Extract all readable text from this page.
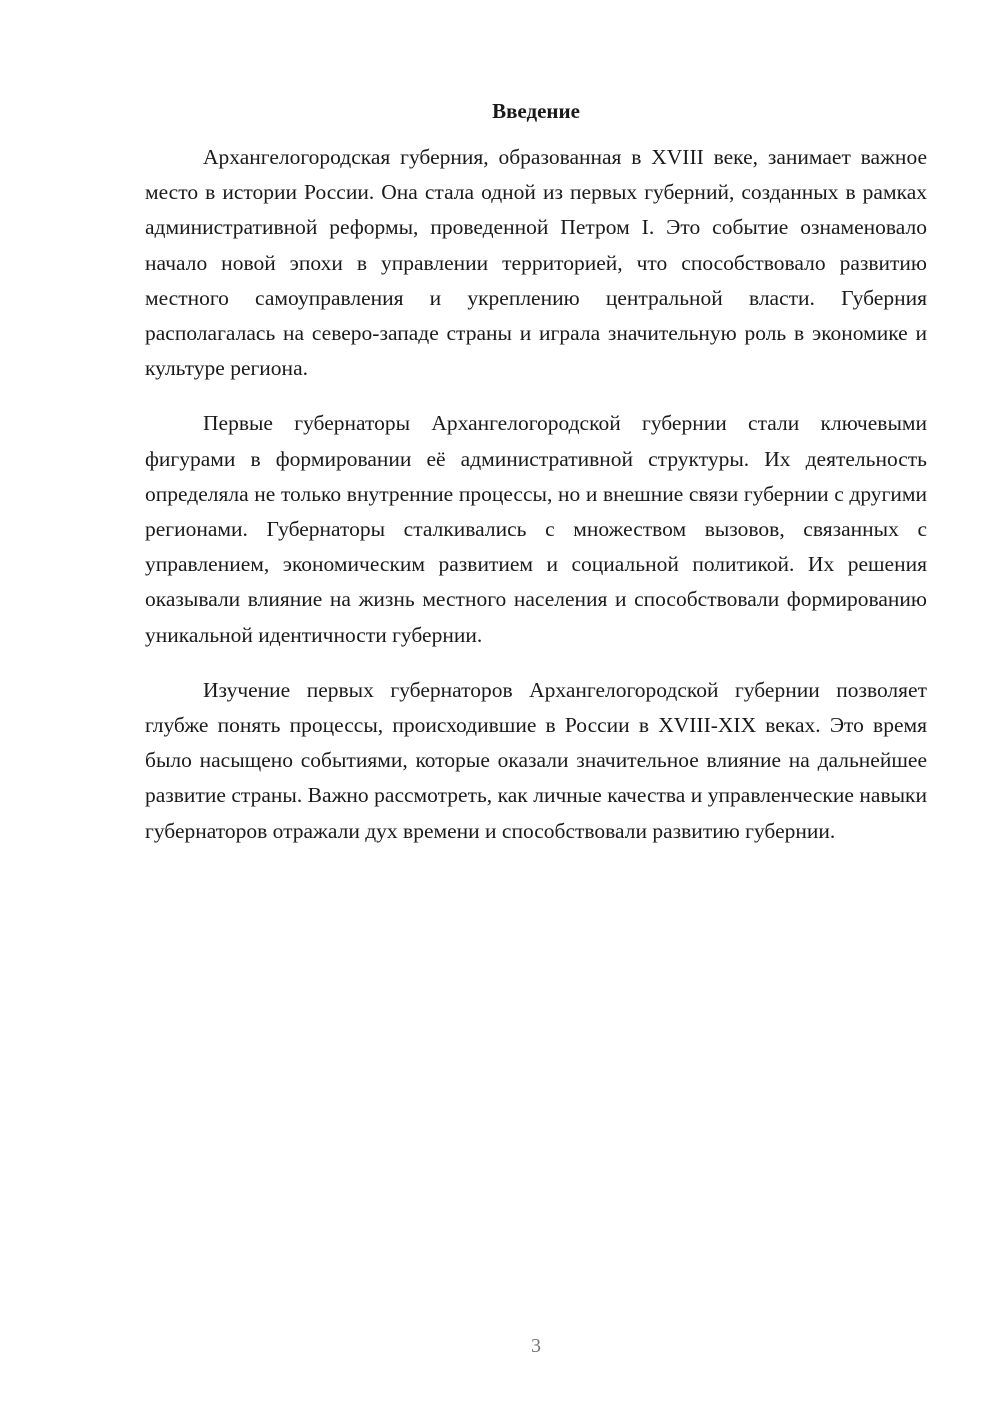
Введение

Архангелогородская губерния, образованная в XVIII веке, занимает важное место в истории России. Она стала одной из первых губерний, созданных в рамках административной реформы, проведенной Петром I. Это событие ознаменовало начало новой эпохи в управлении территорией, что способствовало развитию местного самоуправления и укреплению центральной власти. Губерния располагалась на северо-западе страны и играла значительную роль в экономике и культуре региона.

Первые губернаторы Архангелогородской губернии стали ключевыми фигурами в формировании её административной структуры. Их деятельность определяла не только внутренние процессы, но и внешние связи губернии с другими регионами. Губернаторы сталкивались с множеством вызовов, связанных с управлением, экономическим развитием и социальной политикой. Их решения оказывали влияние на жизнь местного населения и способствовали формированию уникальной идентичности губернии.

Изучение первых губернаторов Архангелогородской губернии позволяет глубже понять процессы, происходившие в России в XVIII-XIX веках. Это время было насыщено событиями, которые оказали значительное влияние на дальнейшее развитие страны. Важно рассмотреть, как личные качества и управленческие навыки губернаторов отражали дух времени и способствовали развитию губернии.

3
